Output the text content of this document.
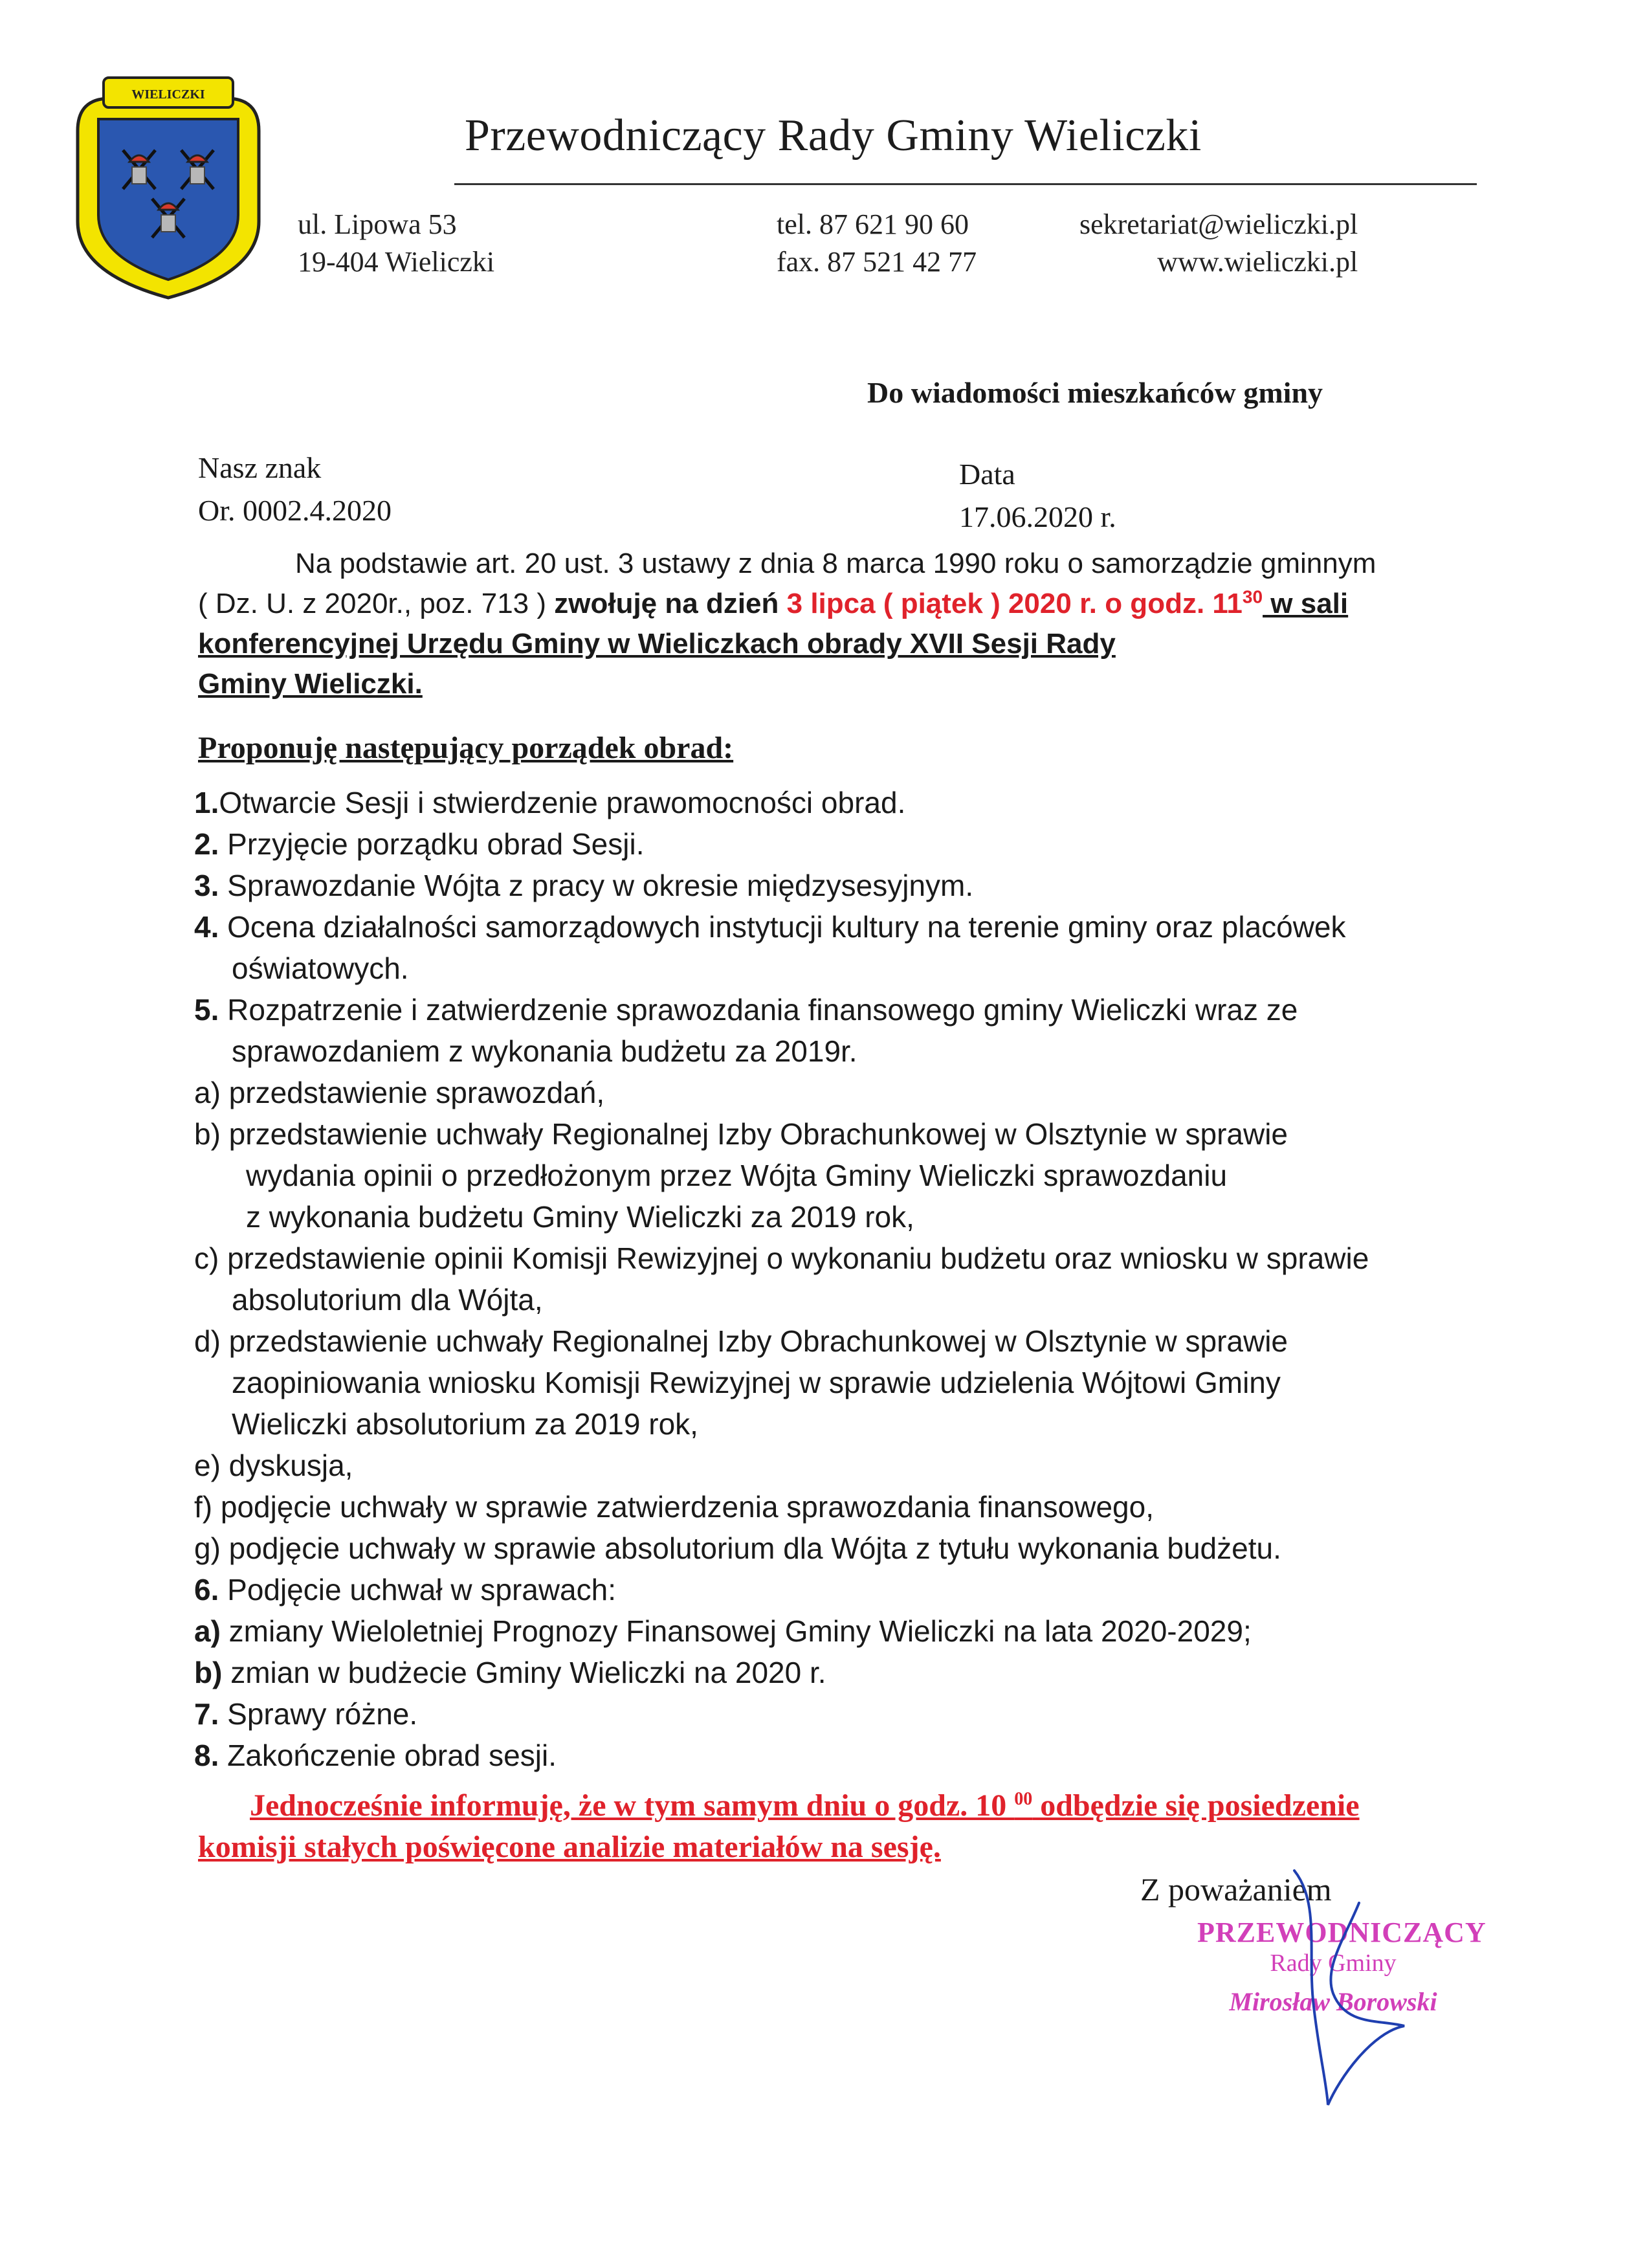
WIELICZKI
Przewodniczący Rady Gminy Wieliczki
ul. Lipowa 53
19-404 Wieliczki
tel. 87 621 90 60
fax. 87 521 42 77
sekretariat@wieliczki.pl
www.wieliczki.pl
Do wiadomości mieszkańców gminy
Nasz znak
Or. 0002.4.2020
Data
17.06.2020 r.
Na podstawie art. 20 ust. 3 ustawy z dnia 8 marca 1990 roku o samorządzie gminnym
( Dz. U. z 2020r., poz. 713 ) zwołuję na dzień 3 lipca ( piątek ) 2020 r. o godz. $11^{30}$ w sali
konferencyjnej Urzędu Gminy w Wieliczkach obrady XVII Sesji Rady
Gminy Wieliczki.
Proponuję następujący porządek obrad:
1.Otwarcie Sesji i stwierdzenie prawomocności obrad.
2. Przyjęcie porządku obrad Sesji.
3. Sprawozdanie Wójta z pracy w okresie międzysesyjnym.
4. Ocena działalności samorządowych instytucji kultury na terenie gminy oraz placówek
oświatowych.
5. Rozpatrzenie i zatwierdzenie sprawozdania finansowego gminy Wieliczki wraz ze
sprawozdaniem z wykonania budżetu za 2019r.
a) przedstawienie sprawozdań,
b) przedstawienie uchwały Regionalnej Izby Obrachunkowej w Olsztynie w sprawie
wydania opinii o przedłożonym przez Wójta Gminy Wieliczki sprawozdaniu
z wykonania budżetu Gminy Wieliczki za 2019 rok,
c) przedstawienie opinii Komisji Rewizyjnej o wykonaniu budżetu oraz wniosku w sprawie
absolutorium dla Wójta,
d) przedstawienie uchwały Regionalnej Izby Obrachunkowej w Olsztynie w sprawie
zaopiniowania wniosku Komisji Rewizyjnej w sprawie udzielenia Wójtowi Gminy
Wieliczki absolutorium za 2019 rok,
e) dyskusja,
f) podjęcie uchwały w sprawie zatwierdzenia sprawozdania finansowego,
g) podjęcie uchwały w sprawie absolutorium dla Wójta z tytułu wykonania budżetu.
6. Podjęcie uchwał w sprawach:
a) zmiany Wieloletniej Prognozy Finansowej Gminy Wieliczki na lata 2020-2029;
b) zmian w budżecie Gminy Wieliczki na 2020 r.
7. Sprawy różne.
8. Zakończenie obrad sesji.
Jednocześnie informuję, że w tym samym dniu o godz. 10 $^{00}$ odbędzie się posiedzenie
komisji stałych poświęcone analizie materiałów na sesję.
Z poważaniem
PRZEWODNICZĄCY
Rady Gminy
Mirosław Borowski
